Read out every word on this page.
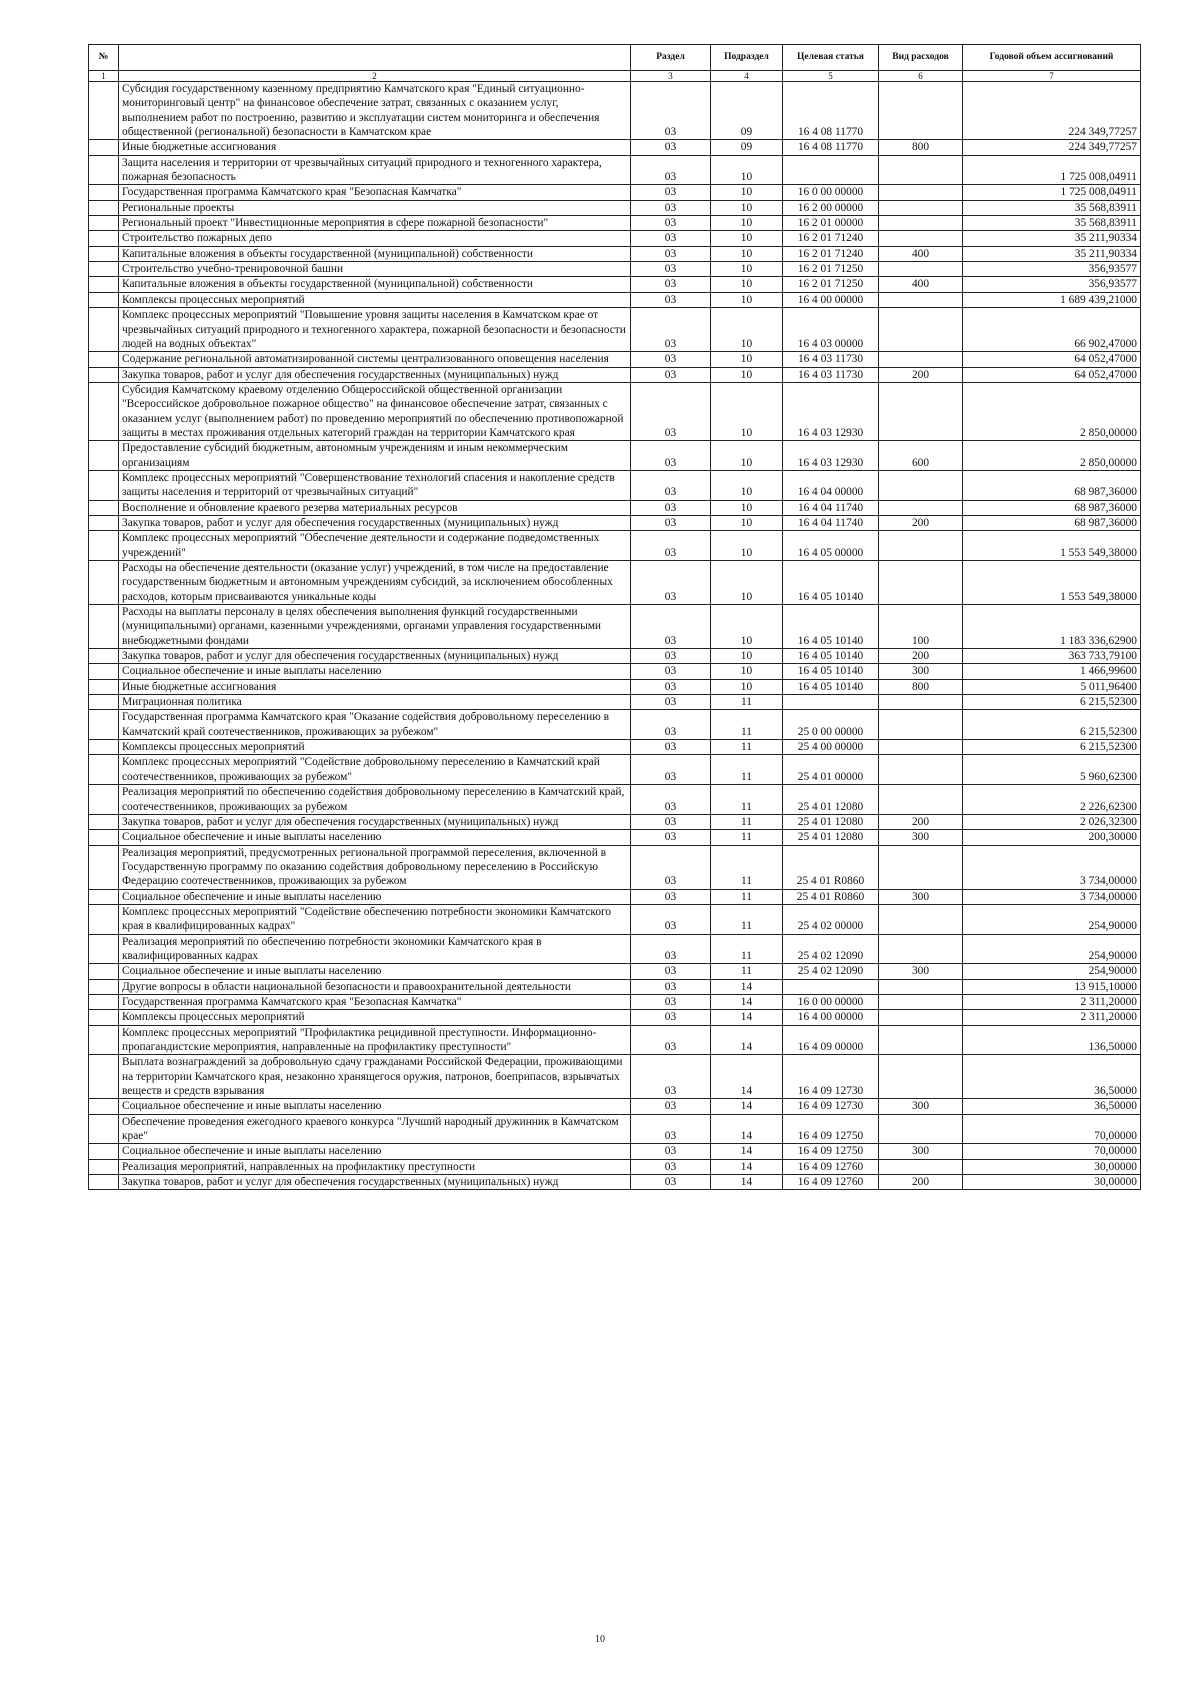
№		Раздел	Подраздел	Целевая статья	Вид расходов	Годовой объем ассигнований
1	2	3	4	5	6	7
	Субсидия государственному казенному предприятию Камчатского края "Единый ситуационно-мониторинговый центр" на финансовое обеспечение затрат, связанных с оказанием услуг, выполнением работ по построению, развитию и эксплуатации систем мониторинга и обеспечения общественной (региональной) безопасности в Камчатском крае	03	09	16 4 08 11770		224 349,77257
	Иные бюджетные ассигнования	03	09	16 4 08 11770	800	224 349,77257
	Защита населения и территории от чрезвычайных ситуаций природного и техногенного характера, пожарная безопасность	03	10			1 725 008,04911
	Государственная программа Камчатского края "Безопасная Камчатка"	03	10	16 0 00 00000		1 725 008,04911
	Региональные проекты	03	10	16 2 00 00000		35 568,83911
	Региональный проект "Инвестиционные мероприятия в сфере пожарной безопасности"	03	10	16 2 01 00000		35 568,83911
	Строительство пожарных депо	03	10	16 2 01 71240		35 211,90334
	Капитальные вложения в объекты государственной (муниципальной) собственности	03	10	16 2 01 71240	400	35 211,90334
	Строительство учебно-тренировочной башни	03	10	16 2 01 71250		356,93577
	Капитальные вложения в объекты государственной (муниципальной) собственности	03	10	16 2 01 71250	400	356,93577
	Комплексы процессных мероприятий	03	10	16 4 00 00000		1 689 439,21000
	Комплекс процессных мероприятий "Повышение уровня защиты населения в Камчатском крае от чрезвычайных ситуаций природного и техногенного характера, пожарной безопасности и безопасности людей на водных объектах"	03	10	16 4 03 00000		66 902,47000
	Содержание региональной автоматизированной системы централизованного оповещения населения	03	10	16 4 03 11730		64 052,47000
	Закупка товаров, работ и услуг для обеспечения государственных (муниципальных) нужд	03	10	16 4 03 11730	200	64 052,47000
	Субсидия Камчатскому краевому отделению Общероссийской общественной организации "Всероссийское добровольное пожарное общество" на финансовое обеспечение затрат, связанных с оказанием услуг (выполнением работ) по проведению мероприятий по обеспечению противопожарной защиты в местах проживания отдельных категорий граждан на территории Камчатского края	03	10	16 4 03 12930		2 850,00000
	Предоставление субсидий бюджетным, автономным учреждениям и иным некоммерческим организациям	03	10	16 4 03 12930	600	2 850,00000
	Комплекс процессных мероприятий "Совершенствование технологий спасения и накопление средств защиты населения и территорий от чрезвычайных ситуаций"	03	10	16 4 04 00000		68 987,36000
	Восполнение и обновление краевого резерва материальных ресурсов	03	10	16 4 04 11740		68 987,36000
	Закупка товаров, работ и услуг для обеспечения государственных (муниципальных) нужд	03	10	16 4 04 11740	200	68 987,36000
	Комплекс процессных мероприятий "Обеспечение деятельности и содержание подведомственных учреждений"	03	10	16 4 05 00000		1 553 549,38000
	Расходы на обеспечение деятельности (оказание услуг) учреждений, в том числе на предоставление государственным бюджетным и автономным учреждениям субсидий, за исключением обособленных расходов, которым присваиваются уникальные коды	03	10	16 4 05 10140		1 553 549,38000
	Расходы на выплаты персоналу в целях обеспечения выполнения функций государственными (муниципальными) органами, казенными учреждениями, органами управления государственными внебюджетными фондами	03	10	16 4 05 10140	100	1 183 336,62900
	Закупка товаров, работ и услуг для обеспечения государственных (муниципальных) нужд	03	10	16 4 05 10140	200	363 733,79100
	Социальное обеспечение и иные выплаты населению	03	10	16 4 05 10140	300	1 466,99600
	Иные бюджетные ассигнования	03	10	16 4 05 10140	800	5 011,96400
	Миграционная политика	03	11			6 215,52300
	Государственная программа Камчатского края "Оказание содействия добровольному переселению в Камчатский край соотечественников, проживающих за рубежом"	03	11	25 0 00 00000		6 215,52300
	Комплексы процессных мероприятий	03	11	25 4 00 00000		6 215,52300
	Комплекс процессных мероприятий "Содействие добровольному переселению в Камчатский край соотечественников, проживающих за рубежом"	03	11	25 4 01 00000		5 960,62300
	Реализация мероприятий по обеспечению содействия добровольному переселению в Камчатский край, соотечественников, проживающих за рубежом	03	11	25 4 01 12080		2 226,62300
	Закупка товаров, работ и услуг для обеспечения государственных (муниципальных) нужд	03	11	25 4 01 12080	200	2 026,32300
	Социальное обеспечение и иные выплаты населению	03	11	25 4 01 12080	300	200,30000
	Реализация мероприятий, предусмотренных региональной программой переселения, включенной в Государственную программу по оказанию содействия добровольному переселению в Российскую Федерацию соотечественников, проживающих за рубежом	03	11	25 4 01 R0860		3 734,00000
	Социальное обеспечение и иные выплаты населению	03	11	25 4 01 R0860	300	3 734,00000
	Комплекс процессных мероприятий "Содействие обеспечению потребности экономики Камчатского края в квалифицированных кадрах"	03	11	25 4 02 00000		254,90000
	Реализация мероприятий по обеспечению потребности экономики Камчатского края в квалифицированных кадрах	03	11	25 4 02 12090		254,90000
	Социальное обеспечение и иные выплаты населению	03	11	25 4 02 12090	300	254,90000
	Другие вопросы в области национальной безопасности и правоохранительной деятельности	03	14			13 915,10000
	Государственная программа Камчатского края "Безопасная Камчатка"	03	14	16 0 00 00000		2 311,20000
	Комплексы процессных мероприятий	03	14	16 4 00 00000		2 311,20000
	Комплекс процессных мероприятий "Профилактика рецидивной преступности. Информационно-пропагандистские мероприятия, направленные на профилактику преступности"	03	14	16 4 09 00000		136,50000
	Выплата вознаграждений за добровольную сдачу гражданами Российской Федерации, проживающими на территории Камчатского края, незаконно хранящегося оружия, патронов, боеприпасов, взрывчатых веществ и средств взрывания	03	14	16 4 09 12730		36,50000
	Социальное обеспечение и иные выплаты населению	03	14	16 4 09 12730	300	36,50000
	Обеспечение проведения ежегодного краевого конкурса "Лучший народный дружинник в Камчатском крае"	03	14	16 4 09 12750		70,00000
	Социальное обеспечение и иные выплаты населению	03	14	16 4 09 12750	300	70,00000
	Реализация мероприятий, направленных на профилактику преступности	03	14	16 4 09 12760		30,00000
	Закупка товаров, работ и услуг для обеспечения государственных (муниципальных) нужд	03	14	16 4 09 12760	200	30,00000
10
